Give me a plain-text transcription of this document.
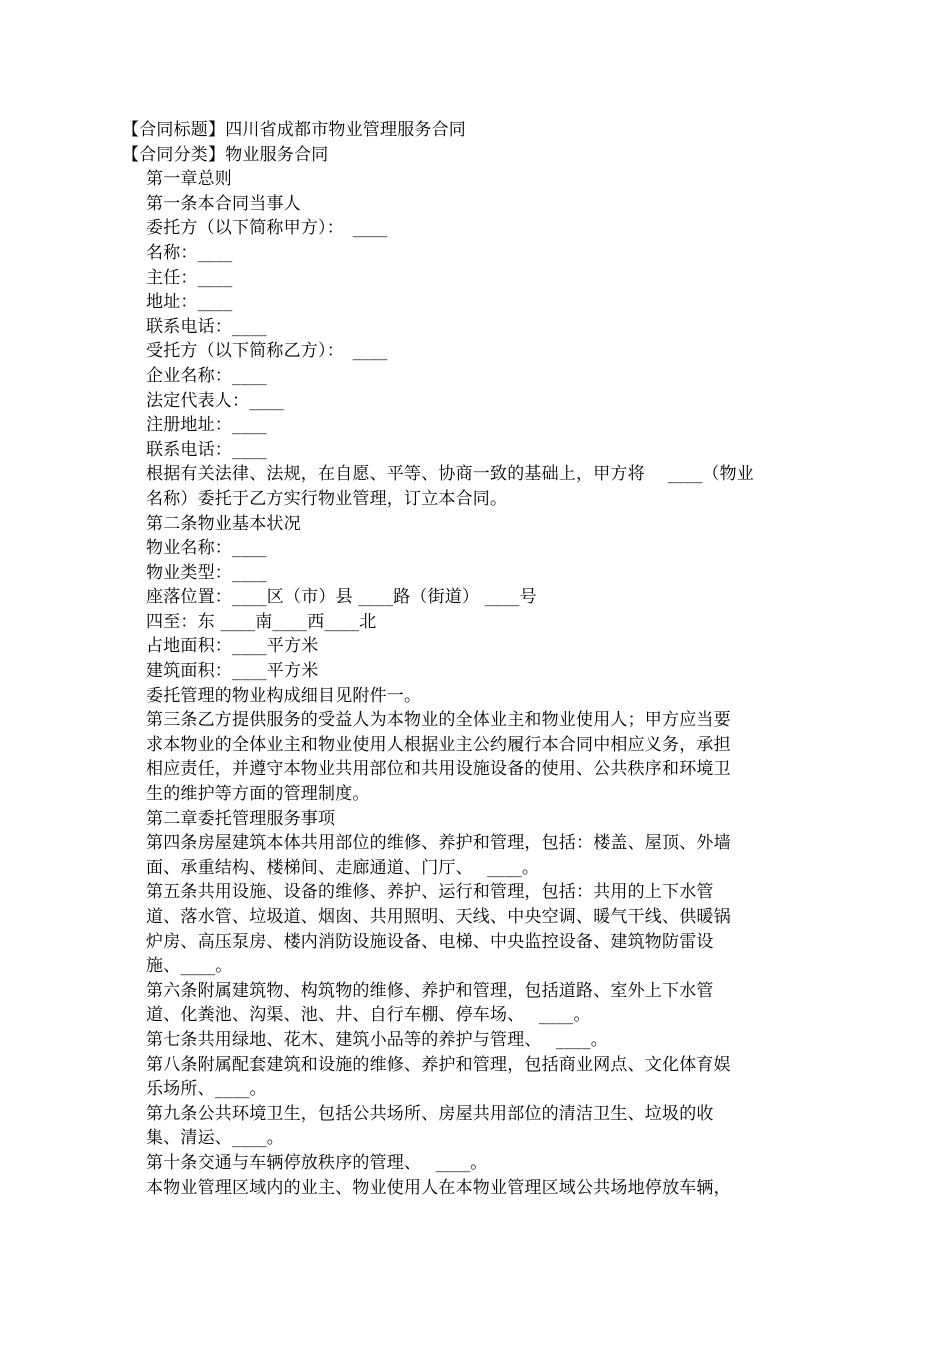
【合同标题】四川省成都市物业管理服务合同
【合同分类】物业服务合同
第一章总则
第一条本合同当事人
委托方（以下简称甲方）：　____
名称：____
主任：____
地址：____
联系电话：____
受托方（以下简称乙方）：　____
企业名称：____
法定代表人：____
注册地址：____
联系电话：____
根据有关法律、法规，在自愿、平等、协商一致的基础上，甲方将　 ____（物业
名称）委托于乙方实行物业管理，订立本合同。
第二条物业基本状况
物业名称：____
物业类型：____
座落位置：____区（市）县 ____路（街道） ____号
四至：东 ____南____西____北
占地面积：____平方米
建筑面积：____平方米
委托管理的物业构成细目见附件一。
第三条乙方提供服务的受益人为本物业的全体业主和物业使用人；甲方应当要
求本物业的全体业主和物业使用人根据业主公约履行本合同中相应义务，承担
相应责任，并遵守本物业共用部位和共用设施设备的使用、公共秩序和环境卫
生的维护等方面的管理制度。
第二章委托管理服务事项
第四条房屋建筑本体共用部位的维修、养护和管理，包括：楼盖、屋顶、外墙
面、承重结构、楼梯间、走廊通道、门厅、　 ____。
第五条共用设施、设备的维修、养护、运行和管理，包括：共用的上下水管
道、落水管、垃圾道、烟囱、共用照明、天线、中央空调、暖气干线、供暖锅
炉房、高压泵房、楼内消防设施设备、电梯、中央监控设备、建筑物防雷设
施、____。
第六条附属建筑物、构筑物的维修、养护和管理，包括道路、室外上下水管
道、化粪池、沟渠、池、井、自行车棚、停车场、　 ____。
第七条共用绿地、花木、建筑小品等的养护与管理、　 ____。
第八条附属配套建筑和设施的维修、养护和管理，包括商业网点、文化体育娱
乐场所、____。
第九条公共环境卫生，包括公共场所、房屋共用部位的清洁卫生、垃圾的收
集、清运、____。
第十条交通与车辆停放秩序的管理、　 ____。
本物业管理区域内的业主、物业使用人在本物业管理区域公共场地停放车辆，
